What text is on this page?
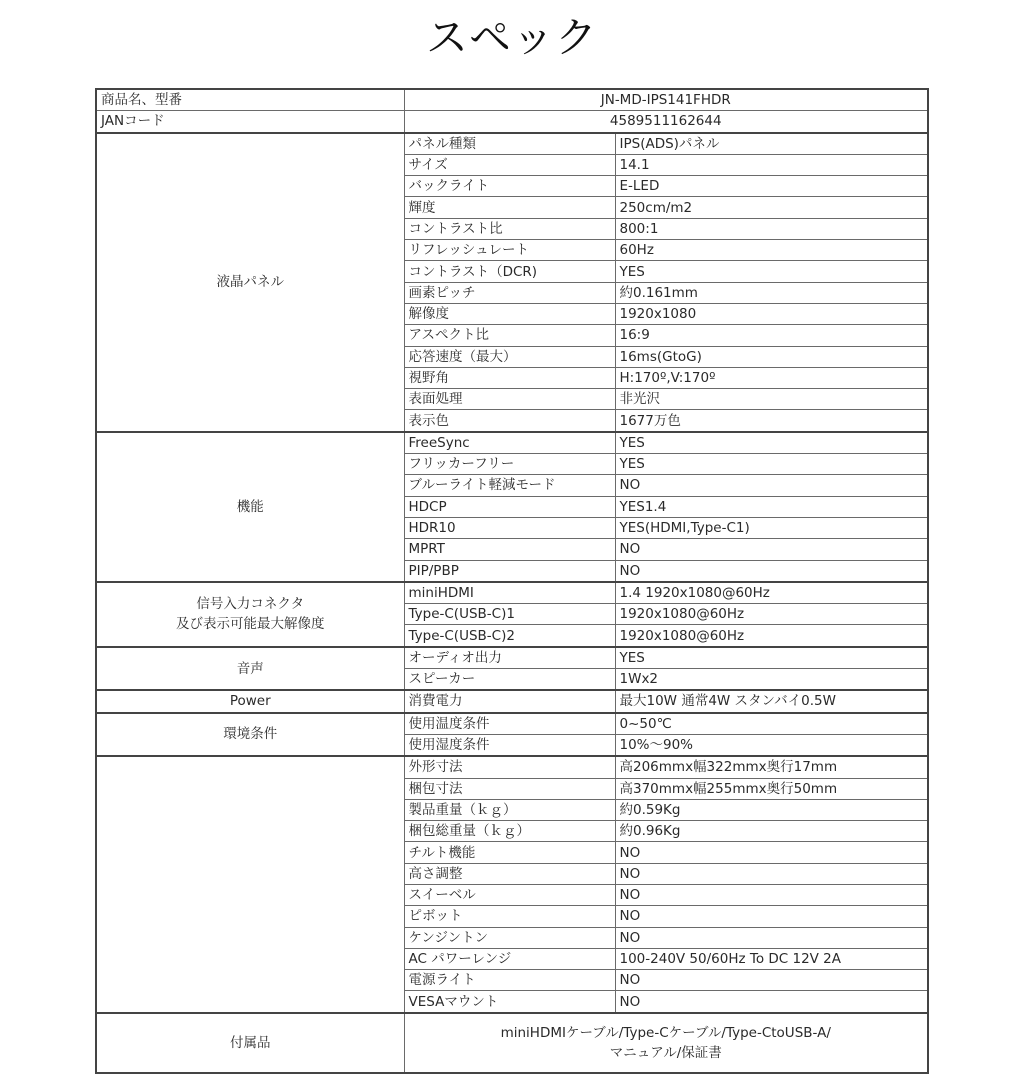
スペック
商品名、型番	JN-MD-IPS141FHDR	
JANコード	4589511162644	
液晶パネル	パネル種類	IPS(ADS)パネル
	サイズ	14.1
	バックライト	E-LED
	輝度	250cm/m2
	コントラスト比	800:1
	リフレッシュレート	60Hz
	コントラスト（DCR)	YES
	画素ピッチ	約0.161mm
	解像度	1920x1080
	アスペクト比	16:9
	応答速度（最大）	16ms(GtoG)
	視野角	H:170º,V:170º
	表面処理	非光沢
	表示色	1677万色
機能	FreeSync	YES
	フリッカーフリー	YES
	ブルーライト軽減モード	NO
	HDCP	YES1.4
	HDR10	YES(HDMI,Type-C1)
	MPRT	NO
	PIP/PBP	NO
信号入力コネクタ
及び表示可能最大解像度	miniHDMI	1.4 1920x1080@60Hz
	Type-C(USB-C)1	1920x1080@60Hz
	Type-C(USB-C)2	1920x1080@60Hz
音声	オーディオ出力	YES
	スピーカー	1Wx2
Power	消費電力	最大10W 通常4W スタンバイ0.5W
環境条件	使用温度条件	0~50℃
	使用湿度条件	10%～90%
	外形寸法	高206mmx幅322mmx奥行17mm
	梱包寸法	高370mmx幅255mmx奥行50mm
	製品重量（ｋｇ）	約0.59Kg
	梱包総重量（ｋｇ）	約0.96Kg
	チルト機能	NO
	高さ調整	NO
	スイーベル	NO
	ピボット	NO
	ケンジントン	NO
	AC パワーレンジ	100-240V 50/60Hz To DC 12V 2A
	電源ライト	NO
	VESAマウント	NO
付属品	miniHDMIケーブル/Type-Cケーブル/Type-CtoUSB-A/
マニュアル/保証書	
